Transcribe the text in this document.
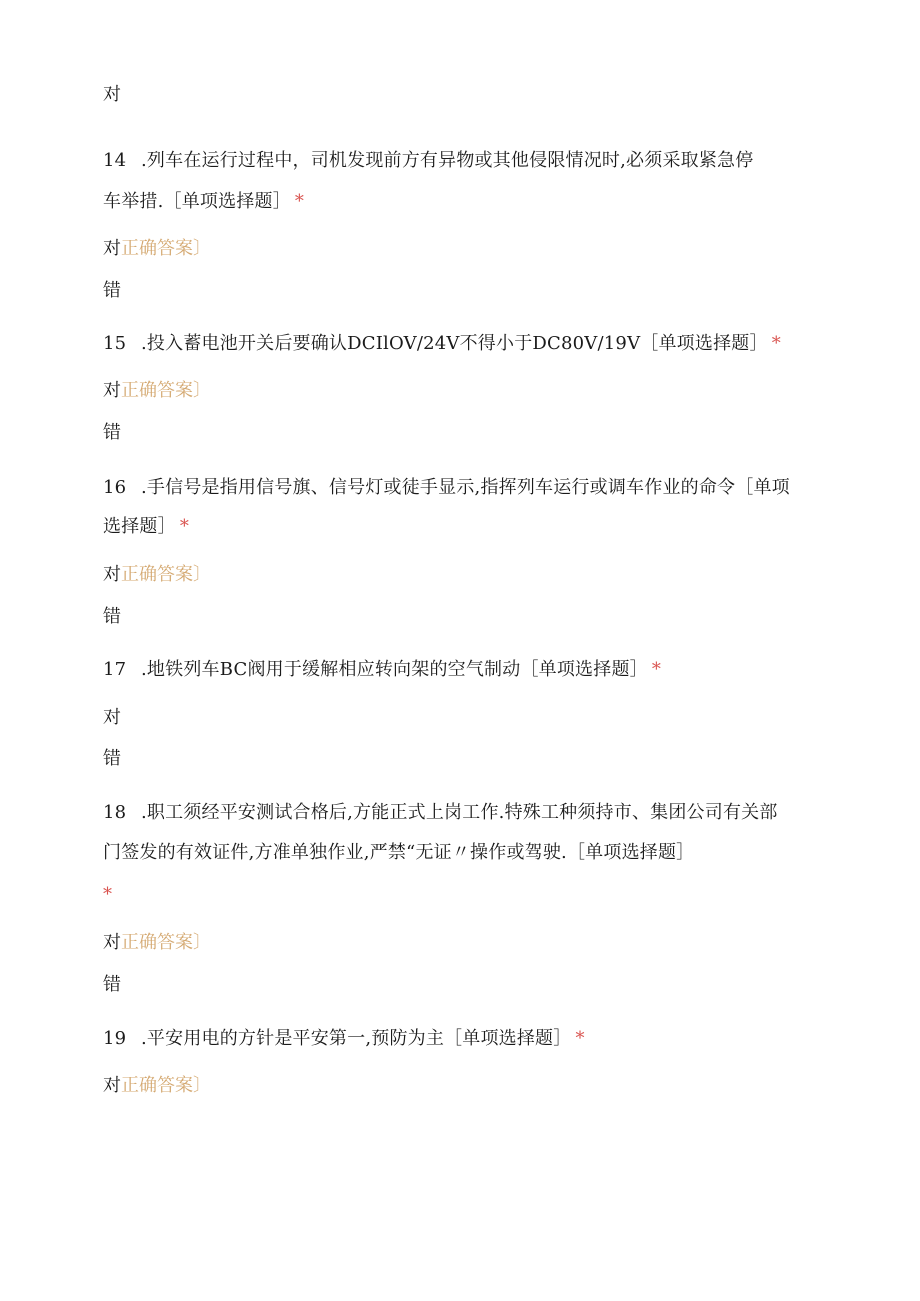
对
14 .列车在运行过程中，司机发现前方有异物或其他侵限情况时,必须采取紧急停
车举措.［单项选择题］ *
对正确答案〕
错
15 .投入蓄电池开关后要确认DCIlOV/24V不得小于DC80V/19V［单项选择题］ *
对正确答案〕
错
16 .手信号是指用信号旗、信号灯或徒手显示,指挥列车运行或调车作业的命令［单项
选择题］ *
对正确答案〕
错
17 .地铁列车BC阀用于缓解相应转向架的空气制动［单项选择题］ *
对
错
18 .职工须经平安测试合格后,方能正式上岗工作.特殊工种须持市、集团公司有关部
门签发的有效证件,方准单独作业,严禁“无证〃操作或驾驶.［单项选择题］
*
对正确答案〕
错
19 .平安用电的方针是平安第一,预防为主［单项选择题］ *
对正确答案〕
